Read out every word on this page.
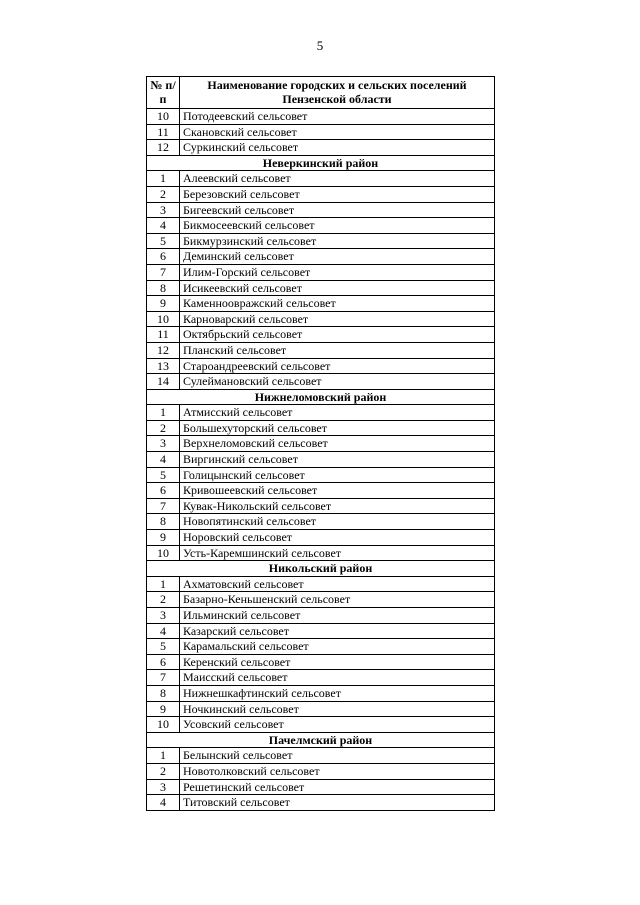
5
№ п/п	Наименование городских и сельских поселений Пензенской области
10	Потодеевский сельсовет
11	Скановский сельсовет
12	Суркинский сельсовет
Неверкинский район	
1	Алеевский сельсовет
2	Березовский сельсовет
3	Бигеевский сельсовет
4	Бикмосеевский сельсовет
5	Бикмурзинский сельсовет
6	Деминский сельсовет
7	Илим-Горский сельсовет
8	Исикеевский сельсовет
9	Каменноовражский сельсовет
10	Карноварский сельсовет
11	Октябрьский сельсовет
12	Планский сельсовет
13	Староандреевский сельсовет
14	Сулеймановский сельсовет
Нижнеломовский район	
1	Атмисский сельсовет
2	Большехуторский сельсовет
3	Верхнеломовский сельсовет
4	Виргинский сельсовет
5	Голицынский сельсовет
6	Кривошеевский сельсовет
7	Кувак-Никольский сельсовет
8	Новопятинский сельсовет
9	Норовский сельсовет
10	Усть-Каремшинский сельсовет
Никольский район	
1	Ахматовский сельсовет
2	Базарно-Кеньшенский сельсовет
3	Ильминский сельсовет
4	Казарский сельсовет
5	Карамальский сельсовет
6	Керенский сельсовет
7	Маисский сельсовет
8	Нижнешкафтинский сельсовет
9	Ночкинский сельсовет
10	Усовский сельсовет
Пачелмский район	
1	Белынский сельсовет
2	Новотолковский сельсовет
3	Решетинский сельсовет
4	Титовский сельсовет
